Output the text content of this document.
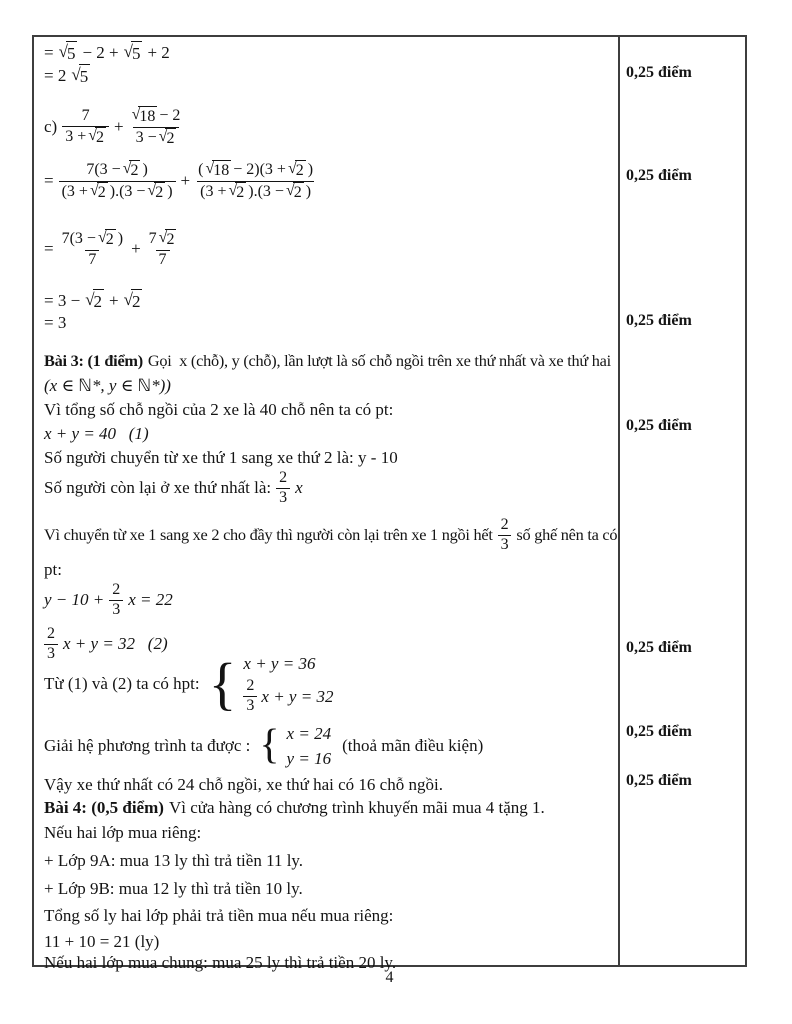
= √ 5 − 2 + √ 5 + 2
= 2 √ 5
$c) \frac{7}{3 + √ 2} + \frac{√ 18 - 2}{3 - √ 2}$
= $\frac{7(3 - √ 2 )}{(3 + √ 2 ).(3 - √ 2 )} + \frac{( √ 18 - 2)(3 + √ 2 )}{(3 + √ 2 ).(3 - √ 2 )}$
= $\frac{7(3 - √ 2 )}{7} + \frac{7 √ 2}{7}$
= 3 − √ 2 + √ 2
= 3
Bài 3: (1 điểm) Gọi  x (chỗ), y (chỗ), lần lượt là số chỗ ngồi trên xe thứ nhất và xe thứ hai
(x ∈ ℕ*, y ∈ ℕ*))
Vì tổng số chỗ ngồi của 2 xe là 40 chỗ nên ta có pt:
x + y = 40   (1)
Số người chuyển từ xe thứ 1 sang xe thứ 2 là: y - 10
Số người còn lại ở xe thứ nhất là: $\frac{2}{3}$ x
Vì chuyển từ xe 1 sang xe 2 cho đầy thì người còn lại trên xe 1 ngồi hết $\frac{2}{3}$ số ghế nên ta có
pt:
$y - 10 + \frac{2}{3}$ x = 22
$\frac{2}{3}$ x + y = 32   (2)
Từ (1) và (2) ta có hpt: { x + y = 36
$\frac{2}{3}$ x + y = 32
Giải hệ phương trình ta được : { x = 24
y = 16
(thoả mãn điều kiện)
Vậy xe thứ nhất có 24 chỗ ngồi, xe thứ hai có 16 chỗ ngồi.
Bài 4: (0,5 điểm) Vì cửa hàng có chương trình khuyến mãi mua 4 tặng 1.
Nếu hai lớp mua riêng:
+ Lớp 9A: mua 13 ly thì trả tiền 11 ly.
+ Lớp 9B: mua 12 ly thì trả tiền 10 ly.
Tổng số ly hai lớp phải trả tiền mua nếu mua riêng:
11 + 10 = 21 (ly)
Nếu hai lớp mua chung: mua 25 ly thì trả tiền 20 ly.
0,25 điểm
0,25 điểm
0,25 điểm
0,25 điểm
0,25 điểm
0,25 điểm
0,25 điểm
4
